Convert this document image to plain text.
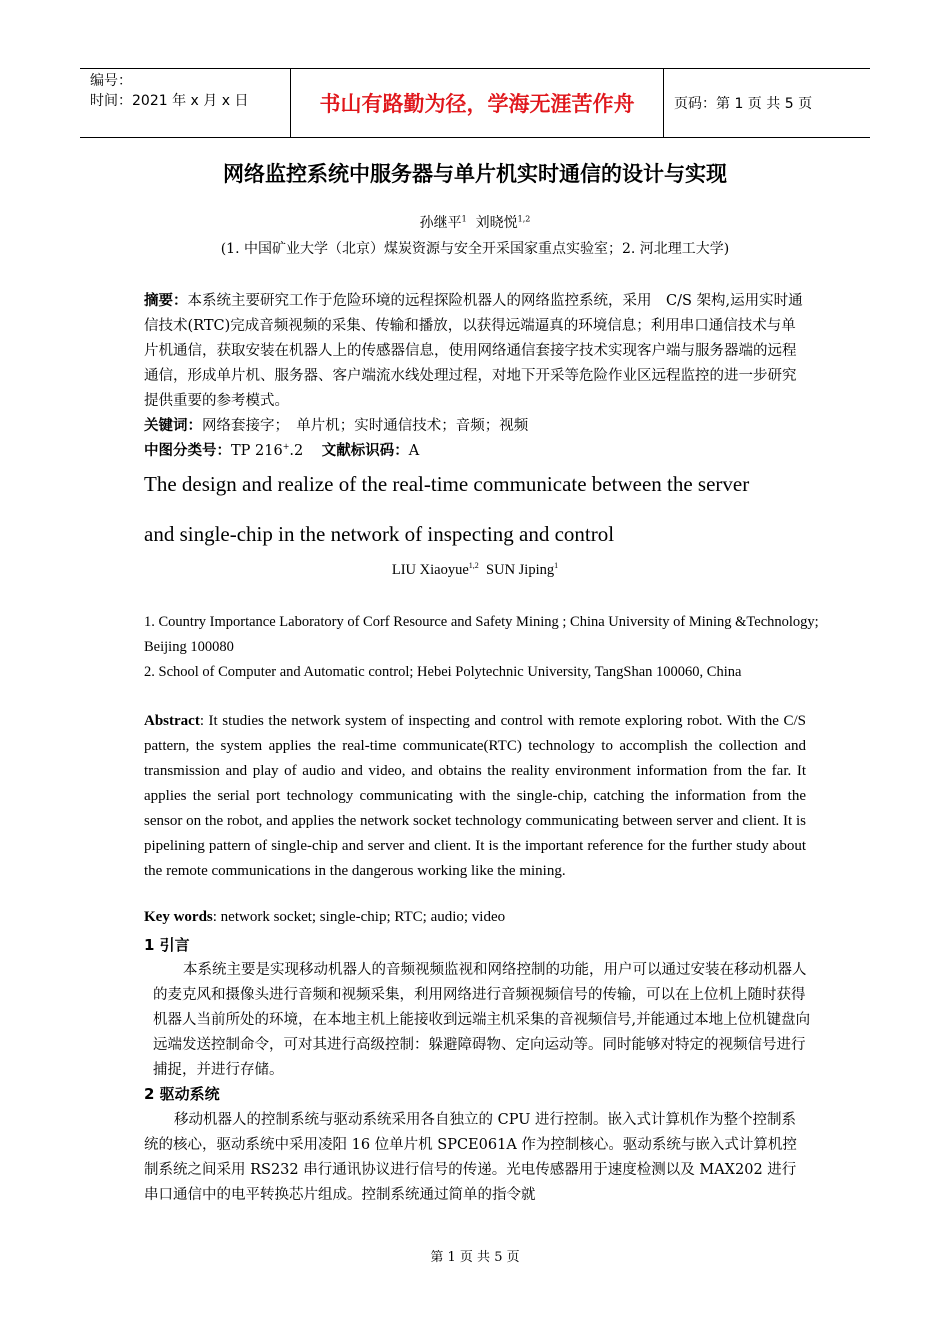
编号：
时间：2021 年 x 月 x 日	书山有路勤为径，学海无涯苦作舟	页码：第 1 页 共 5 页
网络监控系统中服务器与单片机实时通信的设计与实现
孙继平$^1$ 刘晓悦$^{1,2}$
(1. 中国矿业大学（北京）煤炭资源与安全开采国家重点实验室；2. 河北理工大学)
摘要：本系统主要研究工作于危险环境的远程探险机器人的网络监控系统，采用　C/S 架构,运用实时通信技术(RTC)完成音频视频的采集、传输和播放，以获得远端逼真的环境信息；利用串口通信技术与单片机通信，获取安装在机器人上的传感器信息，使用网络通信套接字技术实现客户端与服务器端的远程通信，形成单片机、服务器、客户端流水线处理过程，对地下开采等危险作业区远程监控的进一步研究提供重要的参考模式。
关键词：网络套接字；　单片机；实时通信技术；音频；视频
中图分类号：TP 216+.2 文献标识码：A
The design and realize of the real-time communicate between the server
and single-chip in the network of inspecting and control
LIU Xiaoyue$^{1,2}$ SUN Jiping$^1$
1. Country Importance Laboratory of Corf Resource and Safety Mining ; China University of Mining &Technology; Beijing 100080
2. School of Computer and Automatic control; Hebei Polytechnic University, TangShan 100060, China
Abstract: It studies the network system of inspecting and control with remote exploring robot. With the C/S pattern, the system applies the real-time communicate(RTC) technology to accomplish the collection and transmission and play of audio and video, and obtains the reality environment information from the far. It applies the serial port technology communicating with the single-chip, catching the information from the sensor on the robot, and applies the network socket technology communicating between server and client. It is pipelining pattern of single-chip and server and client. It is the important reference for the further study about the remote communications in the dangerous working like the mining.
Key words: network socket; single-chip; RTC; audio; video
1 引言
本系统主要是实现移动机器人的音频视频监视和网络控制的功能，用户可以通过安装在移动机器人的麦克风和摄像头进行音频和视频采集，利用网络进行音频视频信号的传输，可以在上位机上随时获得机器人当前所处的环境，在本地主机上能接收到远端主机采集的音视频信号,并能通过本地上位机键盘向远端发送控制命令，可对其进行高级控制：躲避障碍物、定向运动等。同时能够对特定的视频信号进行捕捉，并进行存储。
2 驱动系统
移动机器人的控制系统与驱动系统采用各自独立的 CPU 进行控制。嵌入式计算机作为整个控制系统的核心，驱动系统中采用凌阳 16 位单片机 SPCE061A 作为控制核心。驱动系统与嵌入式计算机控制系统之间采用 RS232 串行通讯协议进行信号的传递。光电传感器用于速度检测以及 MAX202 进行串口通信中的电平转换芯片组成。控制系统通过简单的指令就
第 1 页 共 5 页
